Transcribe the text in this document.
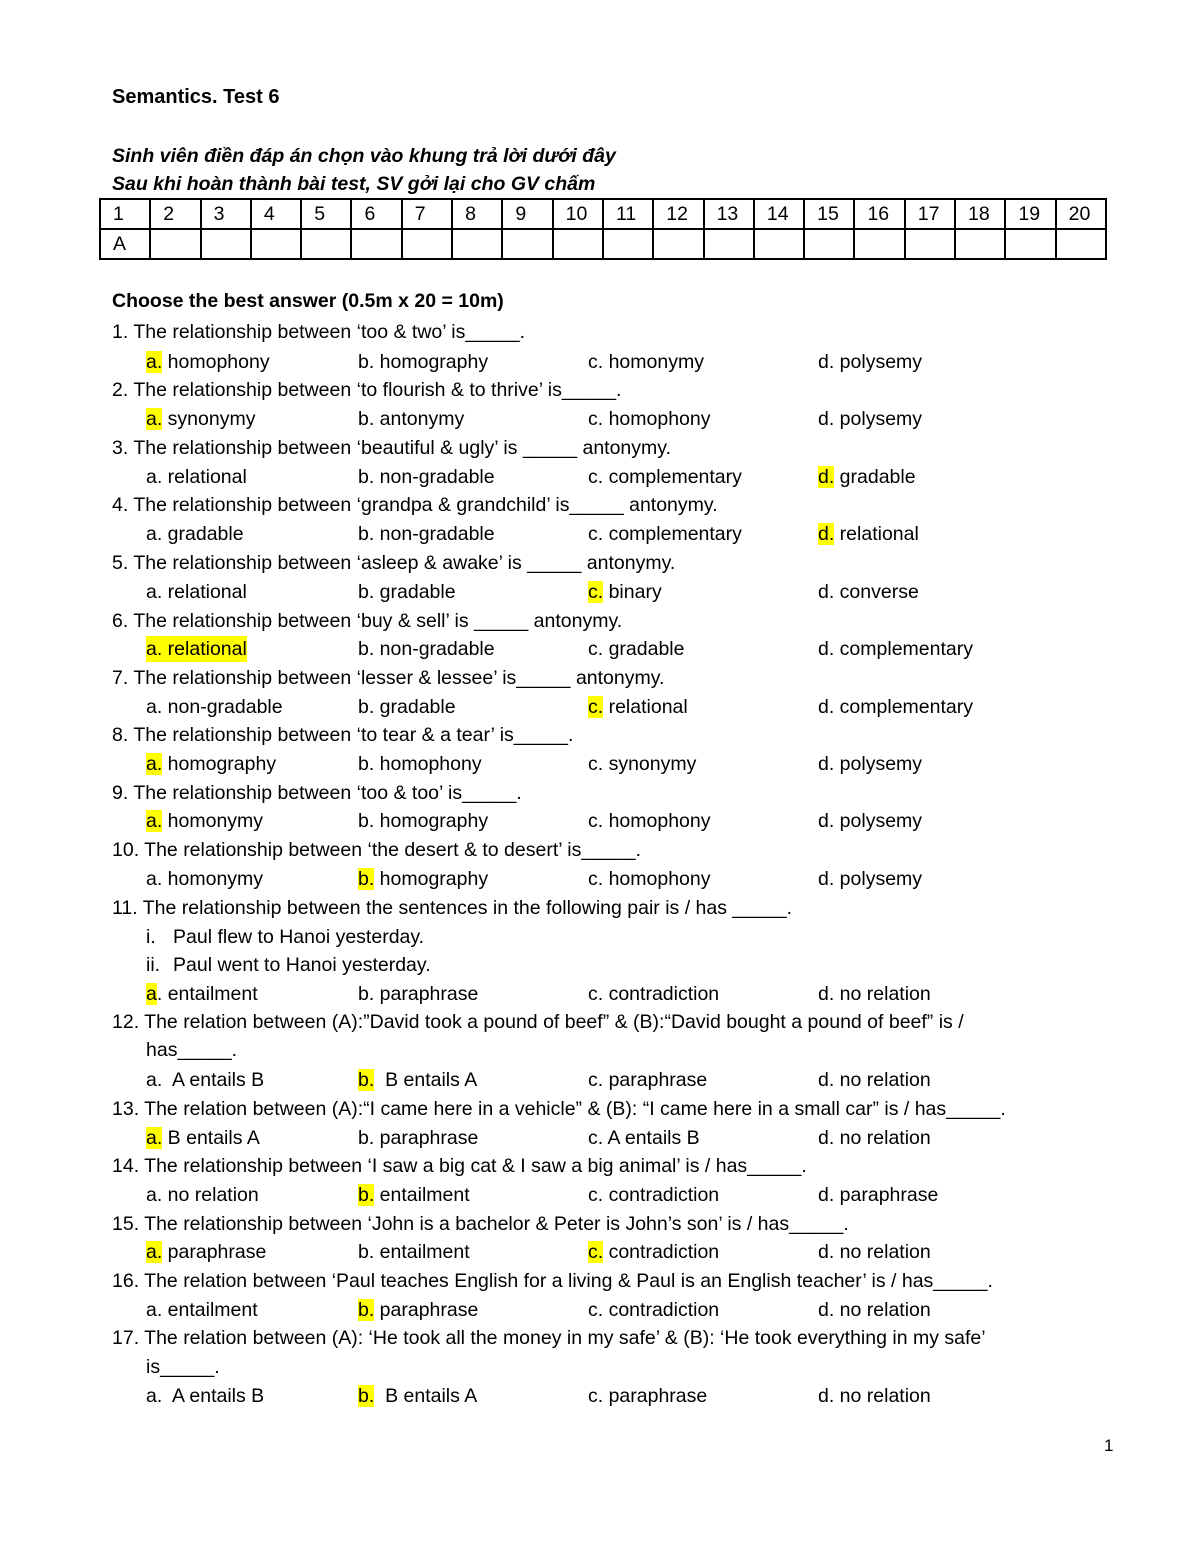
Semantics. Test 6
Sinh viên điền đáp án chọn vào khung trả lời dưới đây
Sau khi hoàn thành bài test, SV gởi lại cho GV chấm
1	2	3	4	5	6	7	8	9	10	11	12	13	14	15	16	17	18	19	20
A																			
Choose the best answer (0.5m x 20 = 10m)
1. The relationship between ‘too & two’ is_____.
a. homophony	b. homography	c. homonymy	d. polysemy
2. The relationship between ‘to flourish & to thrive’ is_____.
a. synonymy	b. antonymy	c. homophony	d. polysemy
3. The relationship between ‘beautiful & ugly’ is _____ antonymy.
a. relational	b. non-gradable	c. complementary	d. gradable
4. The relationship between ‘grandpa & grandchild’ is_____ antonymy.
a. gradable	b. non-gradable	c. complementary	d. relational
5. The relationship between ‘asleep & awake’ is _____ antonymy.
a. relational	b. gradable	c. binary	d. converse
6. The relationship between ‘buy & sell’ is _____ antonymy.
a. relational	b. non-gradable	c. gradable	d. complementary
7. The relationship between ‘lesser & lessee’ is_____ antonymy.
a. non-gradable	b. gradable	c. relational	d. complementary
8. The relationship between ‘to tear & a tear’ is_____.
a. homography	b. homophony	c. synonymy	d. polysemy
9. The relationship between ‘too & too’ is_____.
a. homonymy	b. homography	c. homophony	d. polysemy
10. The relationship between ‘the desert & to desert’ is_____.
a. homonymy	b. homography	c. homophony	d. polysemy
11. The relationship between the sentences in the following pair is / has _____.
i. Paul flew to Hanoi yesterday.
ii. Paul went to Hanoi yesterday.
a. entailment	b. paraphrase	c. contradiction	d. no relation
12. The relation between (A):”David took a pound of beef” & (B):“David bought a pound of beef” is /
has_____.
a.  A entails B	b.  B entails A	c. paraphrase	d. no relation
13. The relation between (A):“I came here in a vehicle” & (B): “I came here in a small car” is / has_____.
a. B entails A	b. paraphrase	c. A entails B	d. no relation
14. The relationship between ‘I saw a big cat & I saw a big animal’ is / has_____.
a. no relation	b. entailment	c. contradiction	d. paraphrase
15. The relationship between ‘John is a bachelor & Peter is John’s son’ is / has_____.
a. paraphrase	b. entailment	c. contradiction	d. no relation
16. The relation between ‘Paul teaches English for a living & Paul is an English teacher’ is / has_____.
a. entailment	b. paraphrase	c. contradiction	d. no relation
17. The relation between (A): ‘He took all the money in my safe’ & (B): ‘He took everything in my safe’
is_____.
a.  A entails B	b.  B entails A	c. paraphrase	d. no relation
1
